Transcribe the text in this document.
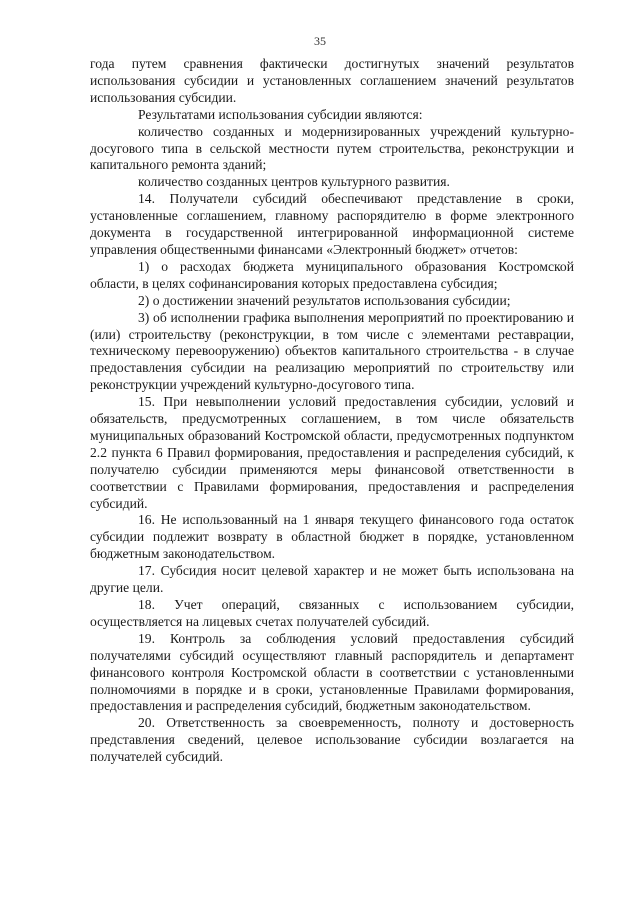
35

года путем сравнения фактически достигнутых значений результатов использования субсидии и установленных соглашением значений результатов использования субсидии.

Результатами использования субсидии являются:

количество созданных и модернизированных учреждений культурно-досугового типа в сельской местности путем строительства, реконструкции и капитального ремонта зданий;

количество созданных центров культурного развития.

14. Получатели субсидий обеспечивают представление в сроки, установленные соглашением, главному распорядителю в форме электронного документа в государственной интегрированной информационной системе управления общественными финансами «Электронный бюджет» отчетов:

1) о расходах бюджета муниципального образования Костромской области, в целях софинансирования которых предоставлена субсидия;

2) о достижении значений результатов использования субсидии;

3) об исполнении графика выполнения мероприятий по проектированию и (или) строительству (реконструкции, в том числе с элементами реставрации, техническому перевооружению) объектов капитального строительства - в случае предоставления субсидии на реализацию мероприятий по строительству или реконструкции учреждений культурно-досугового типа.

15. При невыполнении условий предоставления субсидии, условий и обязательств, предусмотренных соглашением, в том числе обязательств муниципальных образований Костромской области, предусмотренных подпунктом 2.2 пункта 6 Правил формирования, предоставления и распределения субсидий, к получателю субсидии применяются меры финансовой ответственности в соответствии с Правилами формирования, предоставления и распределения субсидий.

16. Не использованный на 1 января текущего финансового года остаток субсидии подлежит возврату в областной бюджет в порядке, установленном бюджетным законодательством.

17. Субсидия носит целевой характер и не может быть использована на другие цели.

18. Учет операций, связанных с использованием субсидии, осуществляется на лицевых счетах получателей субсидий.

19. Контроль за соблюдения условий предоставления субсидий получателями субсидий осуществляют главный распорядитель и департамент финансового контроля Костромской области в соответствии с установленными полномочиями в порядке и в сроки, установленные Правилами формирования, предоставления и распределения субсидий, бюджетным законодательством.

20. Ответственность за своевременность, полноту и достоверность представления сведений, целевое использование субсидии возлагается на получателей субсидий.
